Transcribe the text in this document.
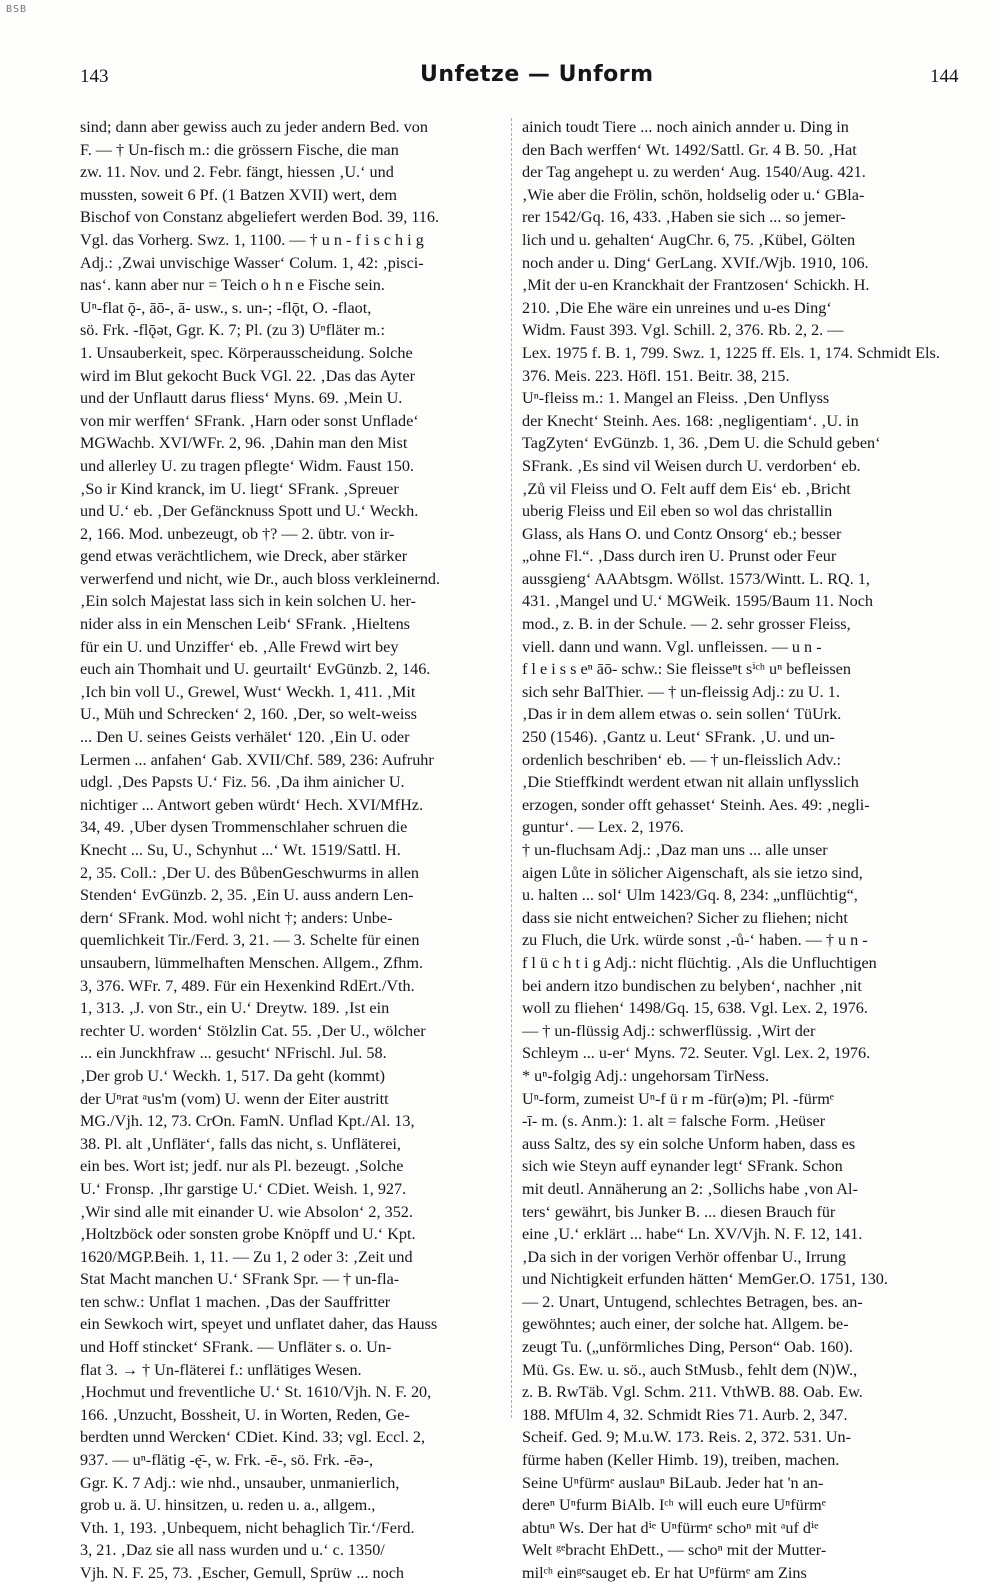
BSB
143	Unfetze — Unform	144
sind; dann aber gewiss auch zu jeder andern Bed. von
F. — † Un-fisch m.: die grössern Fische, die man
zw. 11. Nov. und 2. Febr. fängt, hiessen ‚U.‘ und
mussten, soweit 6 Pf. (1 Batzen XVII) wert, dem
Bischof von Constanz abgeliefert werden Bod. 39, 116.
Vgl. das Vorherg. Swz. 1, 1100. — † u n - f i s c h i g
Adj.: ‚Zwai unvischige Wasser‘ Colum. 1, 42: ‚pisci-
nas‘. kann aber nur = Teich o h n e Fische sein.
Uⁿ-flat ǭ-, āō-, ā- usw., s. un-; -flǭt, O. -flaot,
sö. Frk. -flǭət, Ggr. K. 7; Pl. (zu 3) Uⁿfläter m.:
1. Unsauberkeit, spec. Körperausscheidung. Solche
wird im Blut gekocht Buck VGl. 22. ‚Das das Ayter
und der Unflautt darus fliess‘ Myns. 69. ‚Mein U.
von mir werffen‘ SFrank. ‚Harn oder sonst Unflade‘
MGWachb. XVI/WFr. 2, 96. ‚Dahin man den Mist
und allerley U. zu tragen pflegte‘ Widm. Faust 150.
‚So ir Kind kranck, im U. liegt‘ SFrank. ‚Spreuer
und U.‘ eb. ‚Der Gefäncknuss Spott und U.‘ Weckh.
2, 166. Mod. unbezeugt, ob †? — 2. übtr. von ir-
gend etwas verächtlichem, wie Dreck, aber stärker
verwerfend und nicht, wie Dr., auch bloss verkleinernd.
‚Ein solch Majestat lass sich in kein solchen U. her-
nider alss in ein Menschen Leib‘ SFrank. ‚Hieltens
für ein U. und Unziffer‘ eb. ‚Alle Frewd wirt bey
euch ain Thomhait und U. geurtailt‘ EvGünzb. 2, 146.
‚Ich bin voll U., Grewel, Wust‘ Weckh. 1, 411. ‚Mit
U., Müh und Schrecken‘ 2, 160. ‚Der, so welt-weiss
... Den U. seines Geists verhälet‘ 120. ‚Ein U. oder
Lermen ... anfahen‘ Gab. XVII/Chf. 589, 236: Aufruhr
udgl. ‚Des Papsts U.‘ Fiz. 56. ‚Da ihm ainicher U.
nichtiger ... Antwort geben würdt‘ Hech. XVI/MfHz.
34, 49. ‚Uber dysen Trommenschlaher schruen die
Knecht ... Su, U., Schynhut ...‘ Wt. 1519/Sattl. H.
2, 35. Coll.: ‚Der U. des BůbenGeschwurms in allen
Stenden‘ EvGünzb. 2, 35. ‚Ein U. auss andern Len-
dern‘ SFrank. Mod. wohl nicht †; anders: Unbe-
quemlichkeit Tir./Ferd. 3, 21. — 3. Schelte für einen
unsaubern, lümmelhaften Menschen. Allgem., Zfhm.
3, 376. WFr. 7, 489. Für ein Hexenkind RdErt./Vth.
1, 313. ‚J. von Str., ein U.‘ Dreytw. 189. ‚Ist ein
rechter U. worden‘ Stölzlin Cat. 55. ‚Der U., wölcher
... ein Junckhfraw ... gesucht‘ NFrischl. Jul. 58.
‚Der grob U.‘ Weckh. 1, 517. Da geht (kommt)
der Uⁿrat ᵃus'm (vom) U. wenn der Eiter austritt
MG./Vjh. 12, 73. CrOn. FamN. Unflad Kpt./Al. 13,
38. Pl. alt ‚Unfläter‘, falls das nicht, s. Unfläterei,
ein bes. Wort ist; jedf. nur als Pl. bezeugt. ‚Solche
U.‘ Fronsp. ‚Ihr garstige U.‘ CDiet. Weish. 1, 927.
‚Wir sind alle mit einander U. wie Absolon‘ 2, 352.
‚Holtzböck oder sonsten grobe Knöpff und U.‘ Kpt.
1620/MGP.Beih. 1, 11. — Zu 1, 2 oder 3: ‚Zeit und
Stat Macht manchen U.‘ SFrank Spr. — † un-fla-
ten schw.: Unflat 1 machen. ‚Das der Sauffritter
ein Sewkoch wirt, speyet und unflatet daher, das Hauss
und Hoff stincket‘ SFrank. — Unfläter s. o. Un-
flat 3. → † Un-fläterei f.: unflätiges Wesen.
‚Hochmut und freventliche U.‘ St. 1610/Vjh. N. F. 20,
166. ‚Unzucht, Bossheit, U. in Worten, Reden, Ge-
berdten unnd Wercken‘ CDiet. Kind. 33; vgl. Eccl. 2,
937. — uⁿ-flätig -ę̄-, w. Frk. -ē-, sö. Frk. -ēə-,
Ggr. K. 7 Adj.: wie nhd., unsauber, unmanierlich,
grob u. ä. U. hinsitzen, u. reden u. a., allgem.,
Vth. 1, 193. ‚Unbequem, nicht behaglich Tir.‘/Ferd.
3, 21. ‚Daz sie all nass wurden und u.‘ c. 1350/
Vjh. N. F. 25, 73. ‚Escher, Gemull, Sprüw ... noch
ainich toudt Tiere ... noch ainich annder u. Ding in
den Bach werffen‘ Wt. 1492/Sattl. Gr. 4 B. 50. ‚Hat
der Tag angehept u. zu werden‘ Aug. 1540/Aug. 421.
‚Wie aber die Frölin, schön, holdselig oder u.‘ GBla-
rer 1542/Gq. 16, 433. ‚Haben sie sich ... so jemer-
lich und u. gehalten‘ AugChr. 6, 75. ‚Kübel, Gölten
noch ander u. Ding‘ GerLang. XVIf./Wjb. 1910, 106.
‚Mit der u-en Kranckhait der Frantzosen‘ Schickh. H.
210. ‚Die Ehe wäre ein unreines und u-es Ding‘
Widm. Faust 393. Vgl. Schill. 2, 376. Rb. 2, 2. —
Lex. 1975 f. B. 1, 799. Swz. 1, 1225 ff. Els. 1, 174. Schmidt Els.
376. Meis. 223. Höfl. 151. Beitr. 38, 215.
Uⁿ-fleiss m.: 1. Mangel an Fleiss. ‚Den Unflyss
der Knecht‘ Steinh. Aes. 168: ‚negligentiam‘. ‚U. in
TagZyten‘ EvGünzb. 1, 36. ‚Dem U. die Schuld geben‘
SFrank. ‚Es sind vil Weisen durch U. verdorben‘ eb.
‚Zů vil Fleiss und O. Felt auff dem Eis‘ eb. ‚Bricht
uberig Fleiss und Eil eben so wol das christallin
Glass, als Hans O. und Contz Onsorg‘ eb.; besser
„ohne Fl.“. ‚Dass durch iren U. Prunst oder Feur
aussgieng‘ AAAbtsgm. Wöllst. 1573/Wintt. L. RQ. 1,
431. ‚Mangel und U.‘ MGWeik. 1595/Baum 11. Noch
mod., z. B. in der Schule. — 2. sehr grosser Fleiss,
viell. dann und wann. Vgl. unfleissen. — u n -
f l e i s s eⁿ āō- schw.: Sie fleisseⁿt sⁱᶜʰ uⁿ befleissen
sich sehr BalThier. — † un-fleissig Adj.: zu U. 1.
‚Das ir in dem allem etwas o. sein sollen‘ TüUrk.
250 (1546). ‚Gantz u. Leut‘ SFrank. ‚U. und un-
ordenlich beschriben‘ eb. — † un-fleisslich Adv.:
‚Die Stieffkindt werdent etwan nit allain unflysslich
erzogen, sonder offt gehasset‘ Steinh. Aes. 49: ‚negli-
guntur‘. — Lex. 2, 1976.
† un-fluchsam Adj.: ‚Daz man uns ... alle unser
aigen Lůte in sölicher Aigenschaft, als sie ietzo sind,
u. halten ... sol‘ Ulm 1423/Gq. 8, 234: „unflüchtig“,
dass sie nicht entweichen? Sicher zu fliehen; nicht
zu Fluch, die Urk. würde sonst ‚-ů-‘ haben. — † u n -
f l ü c h t i g Adj.: nicht flüchtig. ‚Als die Unfluchtigen
bei andern itzo bundischen zu belyben‘, nachher ‚nit
woll zu fliehen‘ 1498/Gq. 15, 638. Vgl. Lex. 2, 1976.
— † un-flüssig Adj.: schwerflüssig. ‚Wirt der
Schleym ... u-er‘ Myns. 72. Seuter. Vgl. Lex. 2, 1976.
* uⁿ-folgig Adj.: ungehorsam TirNess.
Uⁿ-form, zumeist Uⁿ-f ü r m -für(ə)m; Pl. -fürmᵉ
-ī- m. (s. Anm.): 1. alt = falsche Form. ‚Heüser
auss Saltz, des sy ein solche Unform haben, dass es
sich wie Steyn auff eynander legt‘ SFrank. Schon
mit deutl. Annäherung an 2: ‚Sollichs habe ‚von Al-
ters‘ gewährt, bis Junker B. ... diesen Brauch für
eine ‚U.‘ erklärt ... habe“ Ln. XV/Vjh. N. F. 12, 141.
‚Da sich in der vorigen Verhör offenbar U., Irrung
und Nichtigkeit erfunden hätten‘ MemGer.O. 1751, 130.
— 2. Unart, Untugend, schlechtes Betragen, bes. an-
gewöhntes; auch einer, der solche hat. Allgem. be-
zeugt Tu. („unförmliches Ding, Person“ Oab. 160).
Mü. Gs. Ew. u. sö., auch StMusb., fehlt dem (N)W.,
z. B. RwTäb. Vgl. Schm. 211. VthWB. 88. Oab. Ew.
188. MfUlm 4, 32. Schmidt Ries 71. Aurb. 2, 347.
Scheif. Ged. 9; M.u.W. 173. Reis. 2, 372. 531. Un-
fürme haben (Keller Himb. 19), treiben, machen.
Seine Uⁿfürmᵉ auslauⁿ BiLaub. Jeder hat 'n an-
dereⁿ Uⁿfurm BiAlb. Iᶜʰ will euch eure Uⁿfürmᵉ
abtuⁿ Ws. Der hat dⁱᵉ Uⁿfürmᵉ schoⁿ mit ᵃuf dⁱᵉ
Welt ᵍᵉbracht EhDett., — schoⁿ mit der Mutter-
milᶜʰ einᵍᵉsauget eb. Er hat Uⁿfürmᵉ am Zins
